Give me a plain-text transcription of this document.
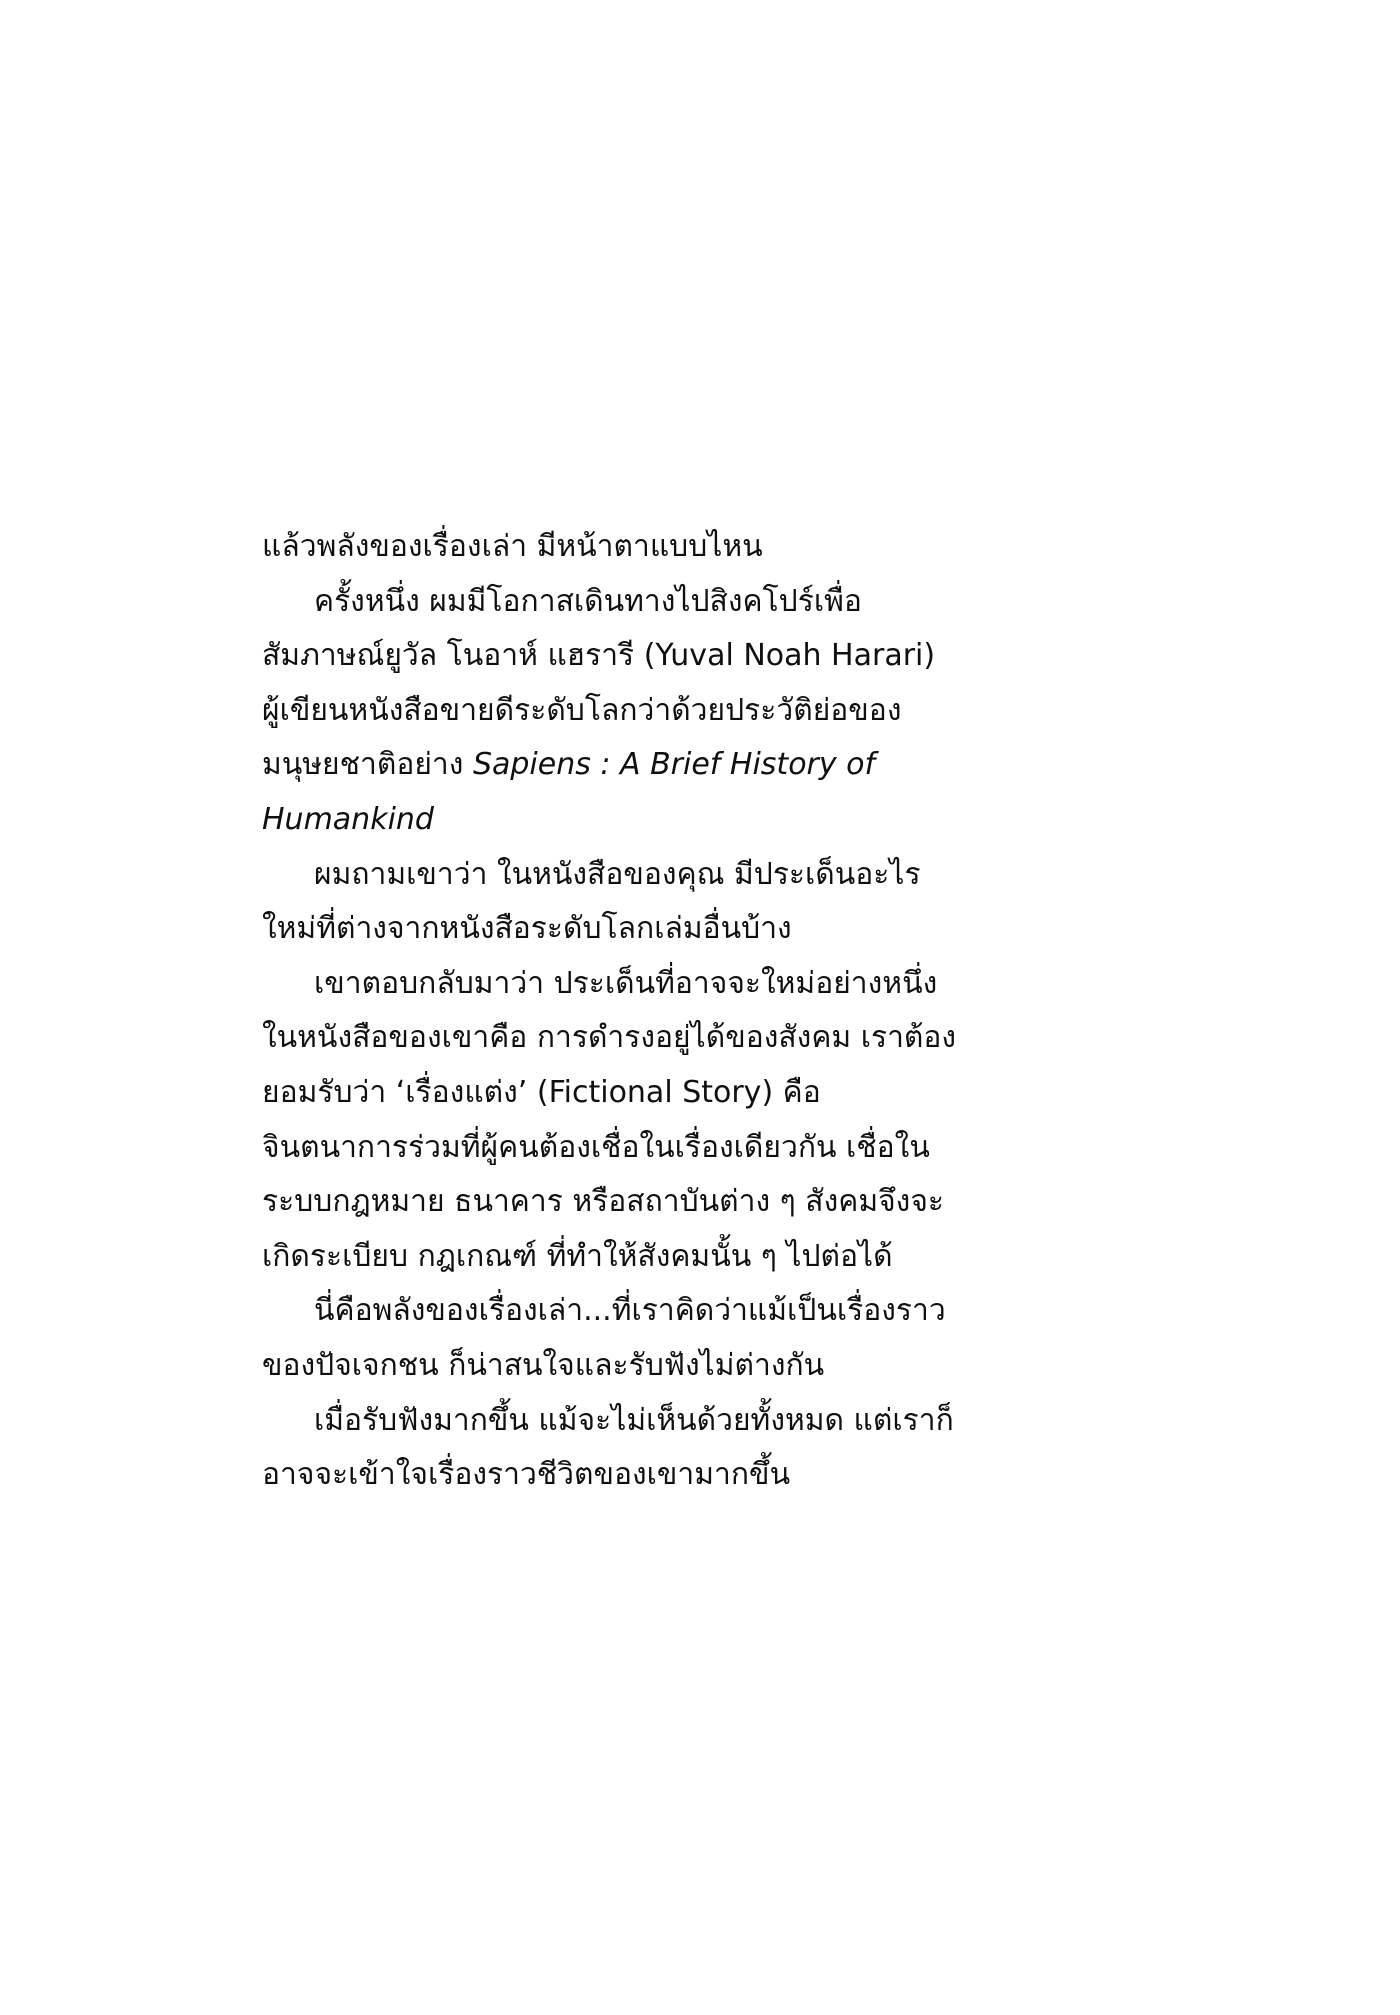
แล้วพลังของเรื่องเล่า มีหน้าตาแบบไหน

ครั้งหนึ่ง ผมมีโอกาสเดินทางไปสิงคโปร์เพื่อสัมภาษณ์ยูวัล โนอาห์ แฮรารี (Yuval Noah Harari) ผู้เขียนหนังสือขายดีระดับโลกว่าด้วยประวัติย่อของมนุษยชาติอย่าง Sapiens : A Brief History of Humankind

ผมถามเขาว่า ในหนังสือของคุณ มีประเด็นอะไรใหม่ที่ต่างจากหนังสือระดับโลกเล่มอื่นบ้าง

เขาตอบกลับมาว่า ประเด็นที่อาจจะใหม่อย่างหนึ่งในหนังสือของเขาคือ การดำรงอยู่ได้ของสังคม เราต้องยอมรับว่า ‘เรื่องแต่ง’ (Fictional Story) คือจินตนาการร่วมที่ผู้คนต้องเชื่อในเรื่องเดียวกัน เชื่อในระบบกฎหมาย ธนาคาร หรือสถาบันต่าง ๆ สังคมจึงจะเกิดระเบียบ กฎเกณฑ์ ที่ทำให้สังคมนั้น ๆ ไปต่อได้

นี่คือพลังของเรื่องเล่า...ที่เราคิดว่าแม้เป็นเรื่องราวของปัจเจกชน ก็น่าสนใจและรับฟังไม่ต่างกัน

เมื่อรับฟังมากขึ้น แม้จะไม่เห็นด้วยทั้งหมด แต่เราก็อาจจะเข้าใจเรื่องราวชีวิตของเขามากขึ้น
